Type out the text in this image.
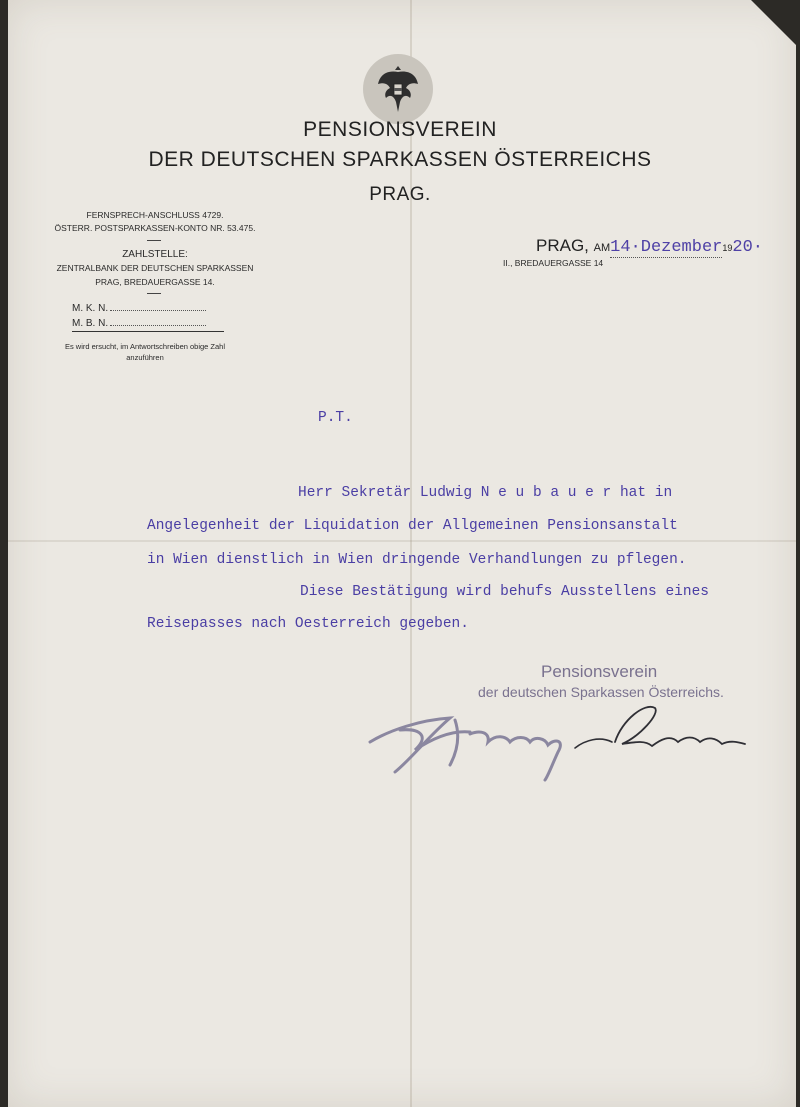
PENSIONSVEREIN
DER DEUTSCHEN SPARKASSEN ÖSTERREICHS
PRAG.
FERNSPRECH-ANSCHLUSS 4729.
ÖSTERR. POSTSPARKASSEN-KONTO NR. 53.475.
ZAHLSTELLE:
ZENTRALBANK DER DEUTSCHEN SPARKASSEN
PRAG, BREDAUERGASSE 14.
M. K. N.
M. B. N.
Es wird ersucht, im Antwortschreiben obige Zahl
anzuführen
PRAG, AM14·Dezember1920·
II., BREDAUERGASSE 14
P.T.
Herr Sekretär Ludwig N e u b a u e r hat in
Angelegenheit der Liquidation der Allgemeinen Pensionsanstalt
in Wien dienstlich in Wien dringende Verhandlungen zu pflegen.
Diese Bestätigung wird behufs Ausstellens eines
Reisepasses nach Oesterreich gegeben.
Pensionsverein
der deutschen Sparkassen Österreichs.
